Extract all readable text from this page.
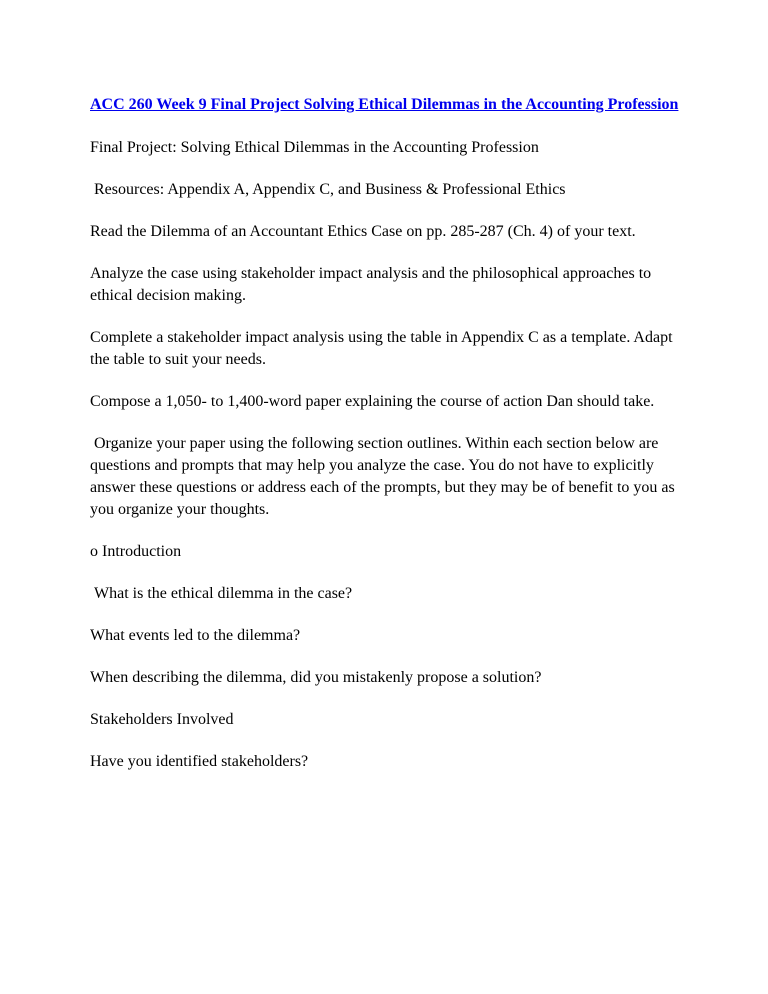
ACC 260 Week 9 Final Project Solving Ethical Dilemmas in the Accounting Profession

Final Project: Solving Ethical Dilemmas in the Accounting Profession

Resources: Appendix A, Appendix C, and Business & Professional Ethics

Read the Dilemma of an Accountant Ethics Case on pp. 285-287 (Ch. 4) of your text.

Analyze the case using stakeholder impact analysis and the philosophical approaches to ethical decision making.

Complete a stakeholder impact analysis using the table in Appendix C as a template. Adapt the table to suit your needs.

Compose a 1,050- to 1,400-word paper explaining the course of action Dan should take.

Organize your paper using the following section outlines. Within each section below are questions and prompts that may help you analyze the case. You do not have to explicitly answer these questions or address each of the prompts, but they may be of benefit to you as you organize your thoughts.

o Introduction

What is the ethical dilemma in the case?

What events led to the dilemma?

When describing the dilemma, did you mistakenly propose a solution?

Stakeholders Involved

Have you identified stakeholders?
